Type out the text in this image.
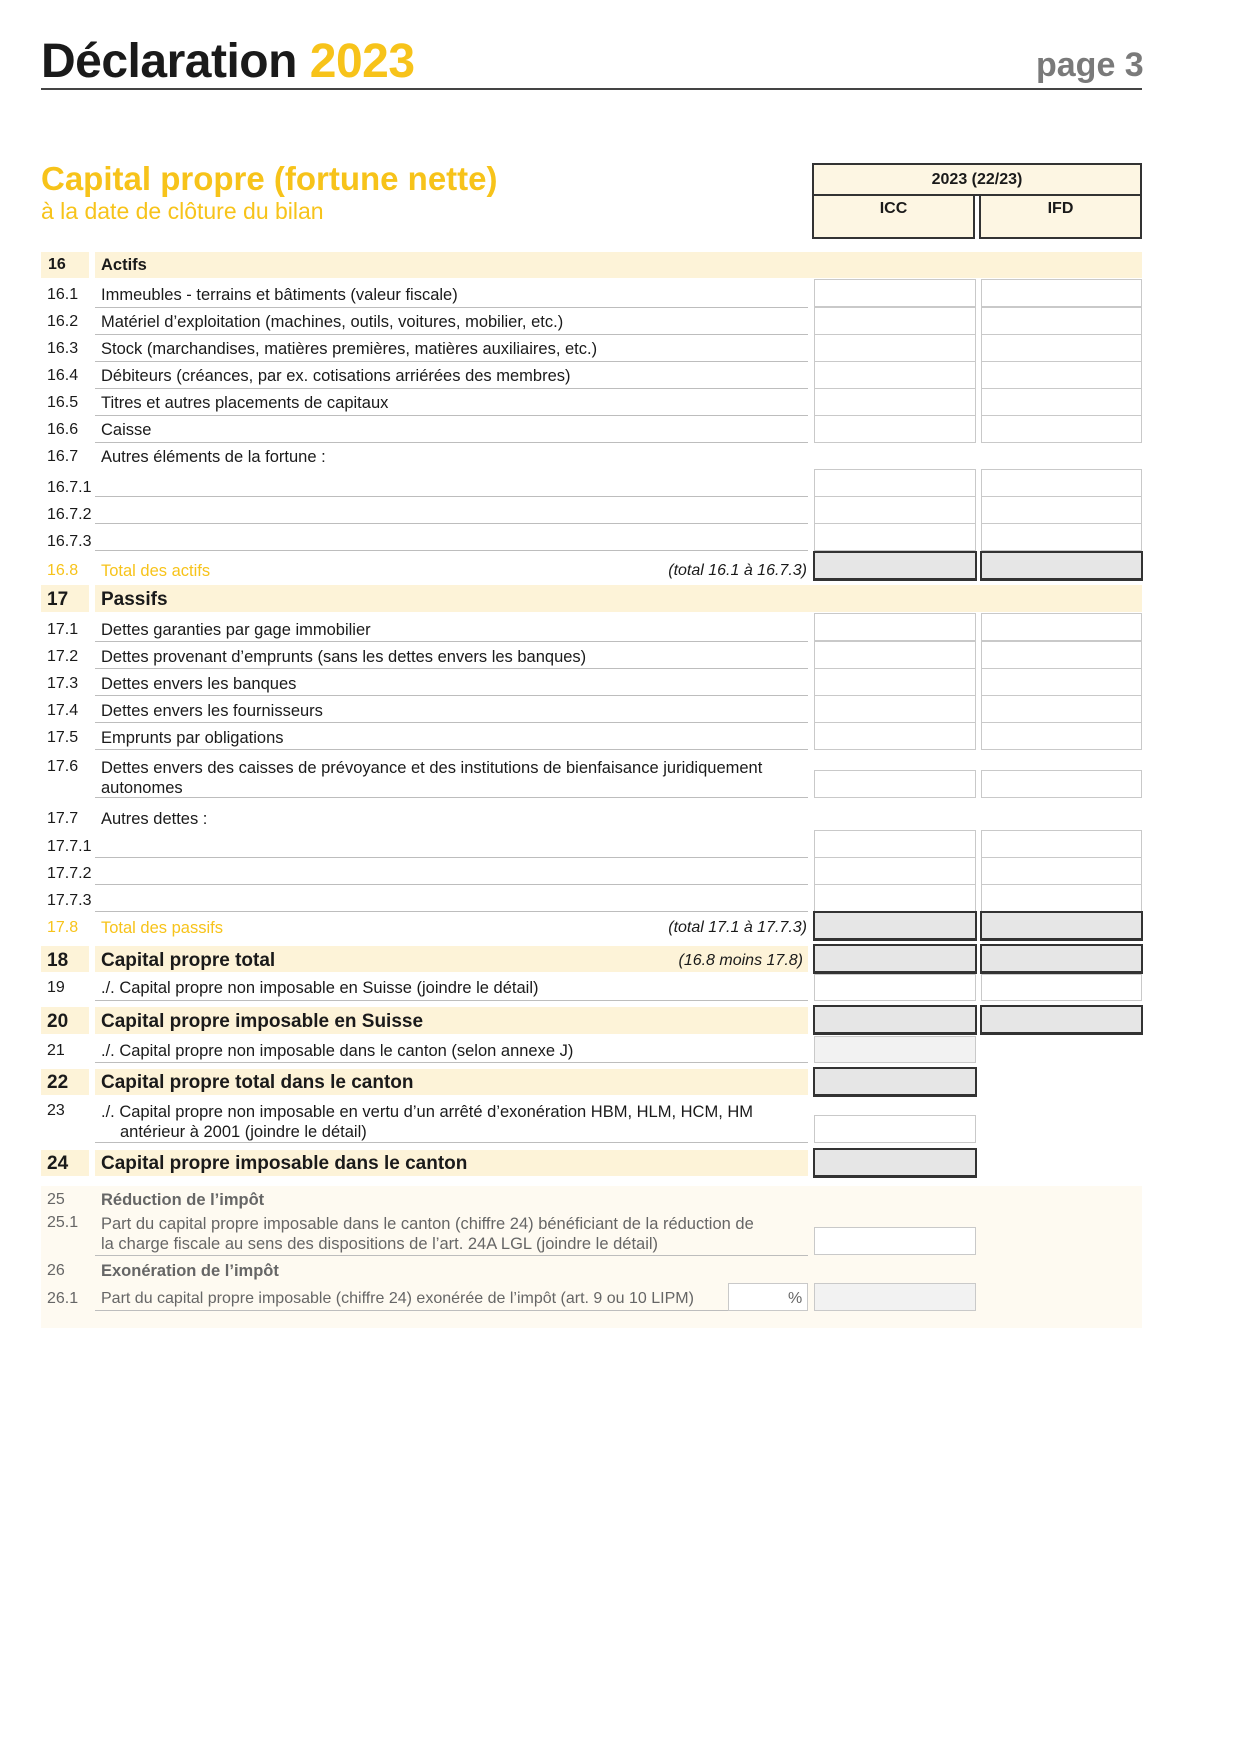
Déclaration 2023	page 3
Capital propre (fortune nette)
à la date de clôture du bilan
2023 (22/23)
ICC	IFD
16 Actifs
16.1 Immeubles - terrains et bâtiments (valeur fiscale)
16.2 Matériel d’exploitation (machines, outils, voitures, mobilier, etc.)
16.3 Stock (marchandises, matières premières, matières auxiliaires, etc.)
16.4 Débiteurs (créances, par ex. cotisations arriérées des membres)
16.5 Titres et autres placements de capitaux
16.6 Caisse
16.7 Autres éléments de la fortune :
16.7.1
16.7.2
16.7.3
16.8 Total des actifs	(total 16.1 à 16.7.3)
17 Passifs
17.1 Dettes garanties par gage immobilier
17.2 Dettes provenant d’emprunts (sans les dettes envers les banques)
17.3 Dettes envers les banques
17.4 Dettes envers les fournisseurs
17.5 Emprunts par obligations
17.6 Dettes envers des caisses de prévoyance et des institutions de bienfaisance juridiquement
autonomes
17.7 Autres dettes :
17.7.1
17.7.2
17.7.3
17.8 Total des passifs	(total 17.1 à 17.7.3)
18 Capital propre total	(16.8 moins 17.8)
19 ./. Capital propre non imposable en Suisse (joindre le détail)
20 Capital propre imposable en Suisse
21 ./. Capital propre non imposable dans le canton (selon annexe J)
22 Capital propre total dans le canton
23 ./. Capital propre non imposable en vertu d’un arrêté d’exonération HBM, HLM, HCM, HM
antérieur à 2001 (joindre le détail)
24 Capital propre imposable dans le canton
25 Réduction de l’impôt
25.1 Part du capital propre imposable dans le canton (chiffre 24) bénéficiant de la réduction de
la charge fiscale au sens des dispositions de l’art. 24A LGL (joindre le détail)
26 Exonération de l’impôt
26.1 Part du capital propre imposable (chiffre 24) exonérée de l’impôt (art. 9 ou 10 LIPM)	%
